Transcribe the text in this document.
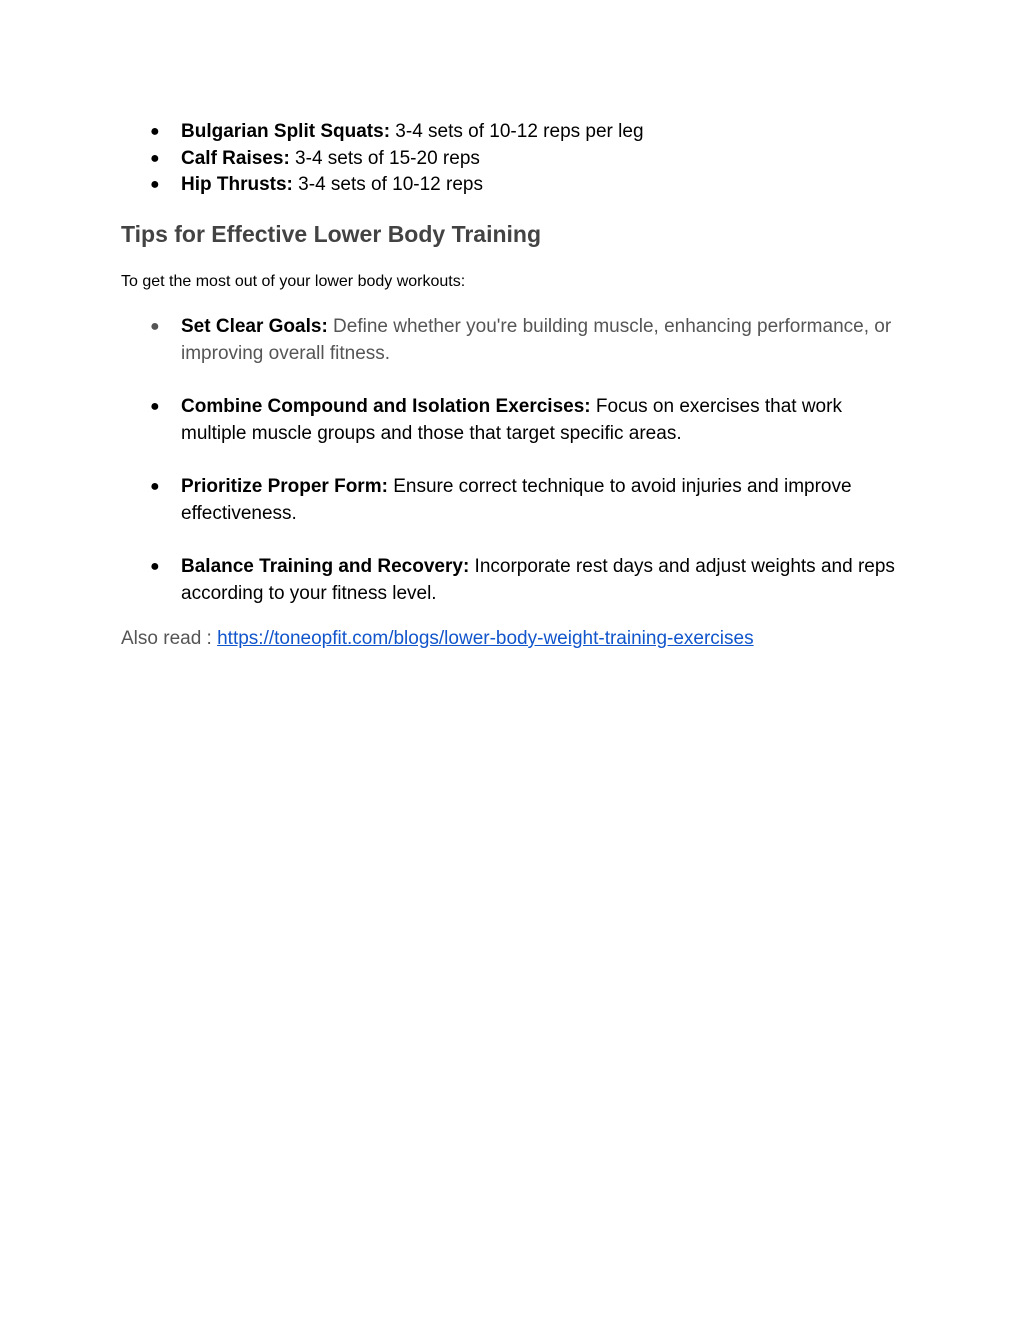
● Bulgarian Split Squats: 3-4 sets of 10-12 reps per leg
● Calf Raises: 3-4 sets of 15-20 reps
● Hip Thrusts: 3-4 sets of 10-12 reps
Tips for Effective Lower Body Training

To get the most out of your lower body workouts:

● Set Clear Goals: Define whether you're building muscle, enhancing performance, or improving overall fitness.
● Combine Compound and Isolation Exercises: Focus on exercises that work multiple muscle groups and those that target specific areas.
● Prioritize Proper Form: Ensure correct technique to avoid injuries and improve effectiveness.
● Balance Training and Recovery: Incorporate rest days and adjust weights and reps according to your fitness level.

Also read : https://toneopfit.com/blogs/lower-body-weight-training-exercises
